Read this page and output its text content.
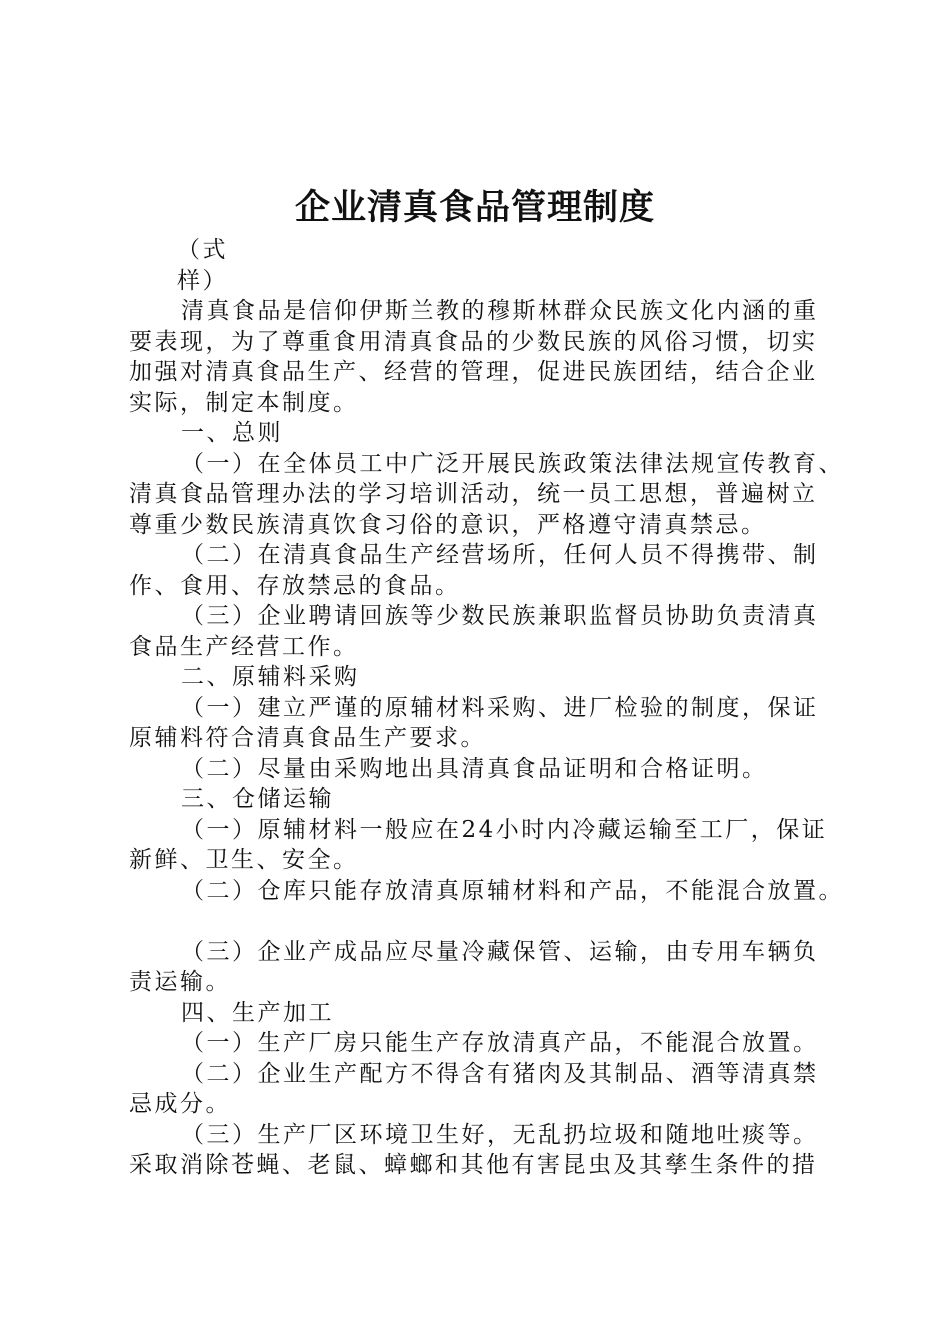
企业清真食品管理制度

（式

样）

清真食品是信仰伊斯兰教的穆斯林群众民族文化内涵的重

要表现，为了尊重食用清真食品的少数民族的风俗习惯，切实

加强对清真食品生产、经营的管理，促进民族团结，结合企业

实际，制定本制度。

一、总则

（一）在全体员工中广泛开展民族政策法律法规宣传教育、

清真食品管理办法的学习培训活动，统一员工思想，普遍树立

尊重少数民族清真饮食习俗的意识，严格遵守清真禁忌。

（二）在清真食品生产经营场所，任何人员不得携带、制

作、食用、存放禁忌的食品。

（三）企业聘请回族等少数民族兼职监督员协助负责清真

食品生产经营工作。

二、原辅料采购

（一）建立严谨的原辅材料采购、进厂检验的制度，保证

原辅料符合清真食品生产要求。

（二）尽量由采购地出具清真食品证明和合格证明。

三、仓储运输

（一）原辅材料一般应在24小时内冷藏运输至工厂，保证

新鲜、卫生、安全。

（二）仓库只能存放清真原辅材料和产品，不能混合放置。

（三）企业产成品应尽量冷藏保管、运输，由专用车辆负

责运输。

四、生产加工

（一）生产厂房只能生产存放清真产品，不能混合放置。

（二）企业生产配方不得含有猪肉及其制品、酒等清真禁

忌成分。

（三）生产厂区环境卫生好，无乱扔垃圾和随地吐痰等。

采取消除苍蝇、老鼠、蟑螂和其他有害昆虫及其孳生条件的措
